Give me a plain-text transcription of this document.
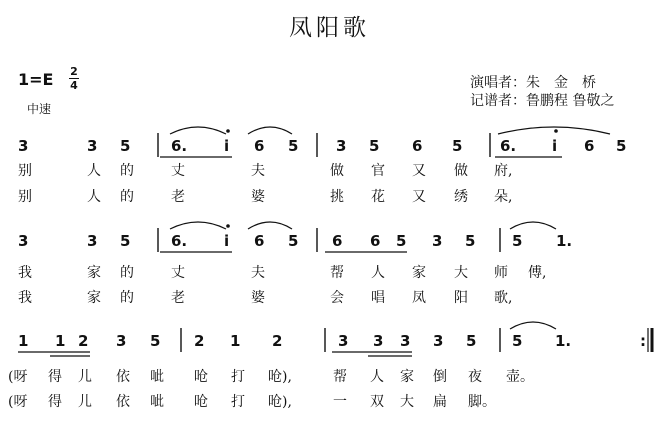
凤阳歌
1=E 2
4
中速
演唱者：朱　金　桥
记谱者：鲁鹏程 鲁敬之
3	3 5	6. i 6 5	3 5 6 5	6. i 6 5
别	人 的	丈	夫	做 官 又 做 府,
别	人 的	老	婆	挑 花 又 绣 朵,
3	3 5	6. i 6 5 6 6 5 3 5 5 1.
我	家 的	丈	夫	帮 人 家 大 师 傅,
我	家 的	老	婆	会 唱 凤 阳 歌,
1 1 2 3 5 2 1 2	3 3 3 3 5 5 1.	:
(呀 得 儿 依 呲 呛 打 呛),	帮 人 家 倒 夜 壶。
(呀 得 儿 依 呲 呛 打 呛),	一 双 大 扁 脚。
